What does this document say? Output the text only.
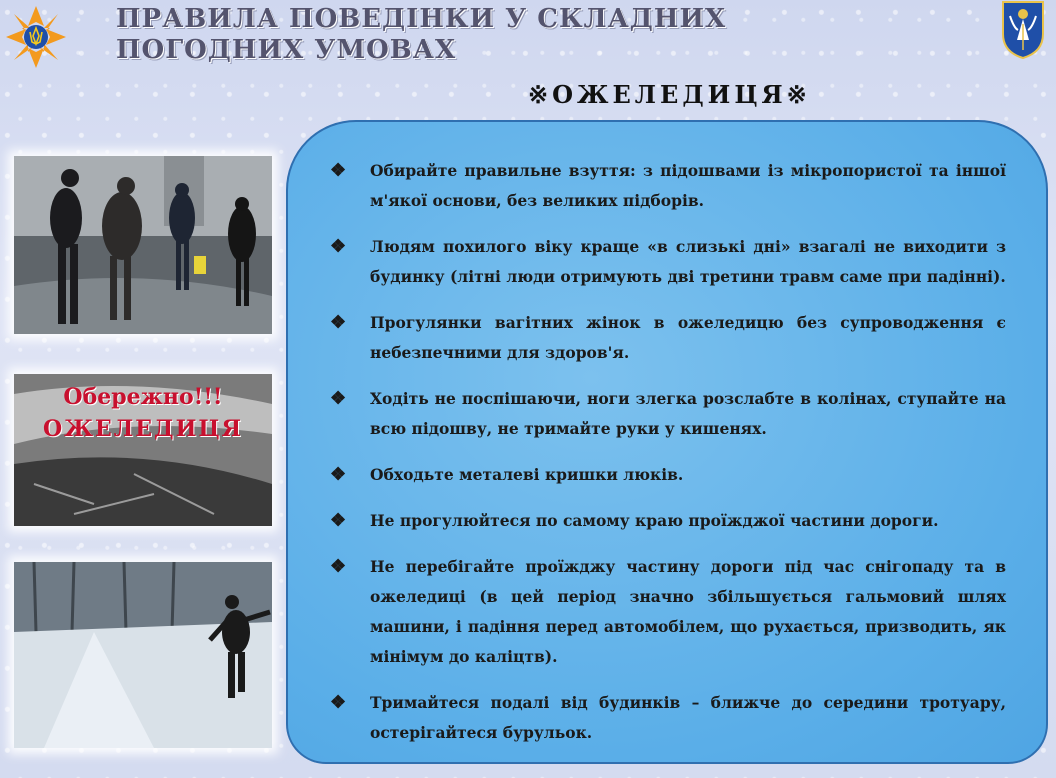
ПРАВИЛА ПОВЕДІНКИ У СКЛАДНИХ
ПОГОДНИХ УМОВАХ
※ОЖЕЛЕДИЦЯ※
Обережно!!!
ОЖЕЛЕДИЦЯ
❖ Обирайте правильне взуття: з підошвами із мікропористої та іншої м'якої основи, без великих підборів.
❖ Людям похилого віку краще «в слизькі дні» взагалі не виходити з будинку (літні люди отримують дві третини травм саме при падінні).
❖ Прогулянки вагітних жінок в ожеледицю без супроводження є небезпечними для здоров'я.
❖ Ходіть не поспішаючи, ноги злегка розслабте в колінах, ступайте на всю підошву, не тримайте руки у кишенях.
❖ Обходьте металеві кришки люків.
❖ Не прогулюйтеся по самому краю проїжджої частини дороги.
❖ Не перебігайте проїжджу частину дороги під час снігопаду та в ожеледиці (в цей період значно збільшується гальмовий шлях машини, і падіння перед автомобілем, що рухається, призводить, як мінімум до каліцтв).
❖ Тримайтеся подалі від будинків – ближче до середини тротуару, остерігайтеся бурульок.
